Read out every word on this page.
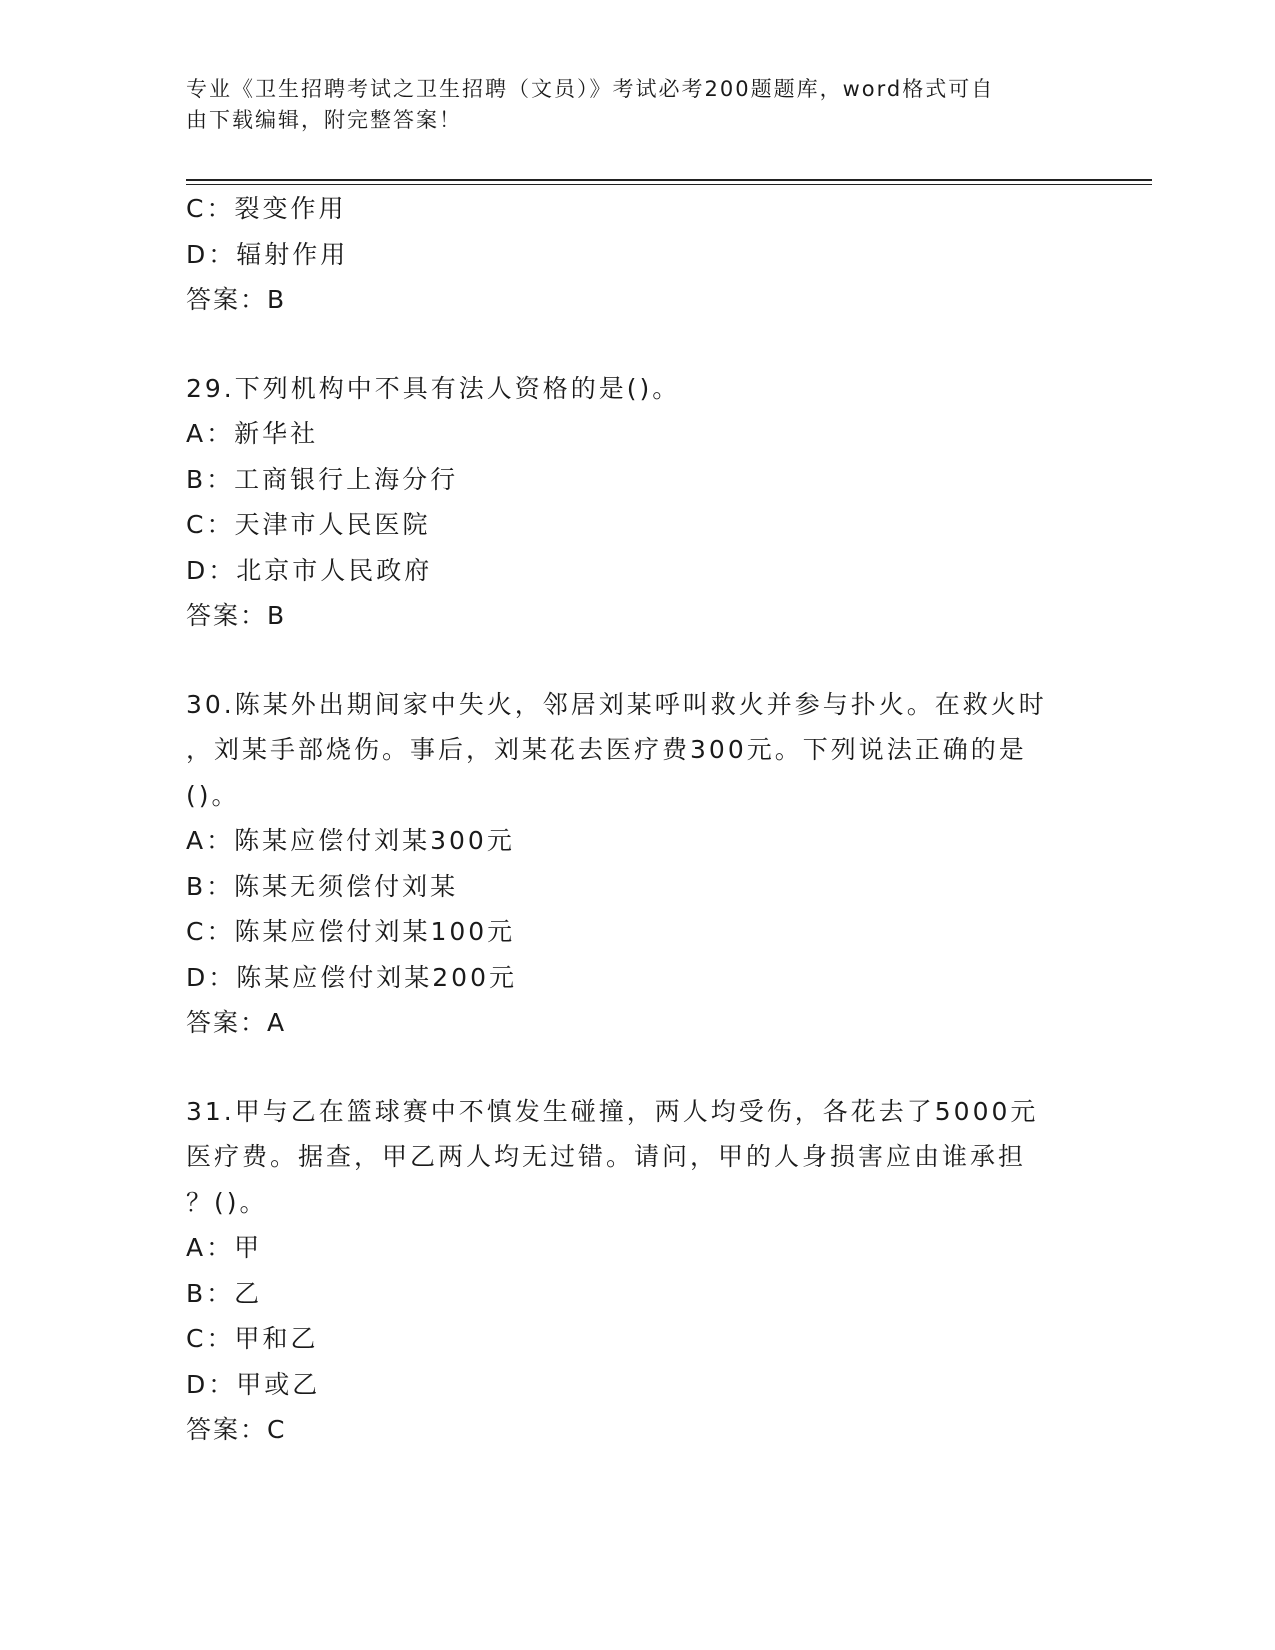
专业《卫生招聘考试之卫生招聘（文员）》考试必考200题题库，word格式可自
由下载编辑，附完整答案！
C：裂变作用
D：辐射作用
答案：B
29.下列机构中不具有法人资格的是()。
A：新华社
B：工商银行上海分行
C：天津市人民医院
D：北京市人民政府
答案：B
30.陈某外出期间家中失火，邻居刘某呼叫救火并参与扑火。在救火时
，刘某手部烧伤。事后，刘某花去医疗费300元。下列说法正确的是
()。
A：陈某应偿付刘某300元
B：陈某无须偿付刘某
C：陈某应偿付刘某100元
D：陈某应偿付刘某200元
答案：A
31.甲与乙在篮球赛中不慎发生碰撞，两人均受伤，各花去了5000元
医疗费。据查，甲乙两人均无过错。请问，甲的人身损害应由谁承担
？()。
A：甲
B：乙
C：甲和乙
D：甲或乙
答案：C
